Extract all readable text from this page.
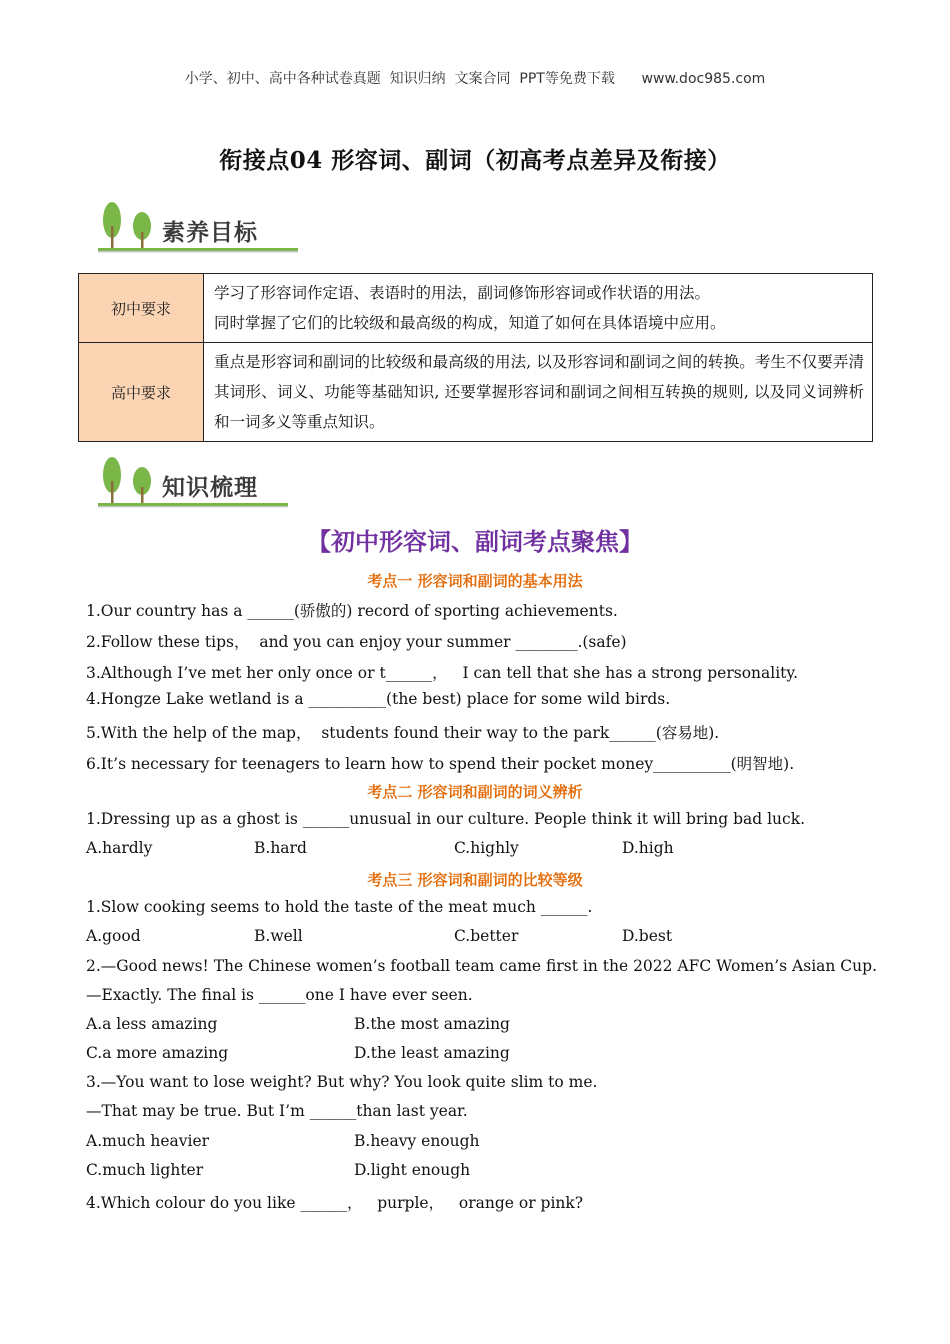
小学、初中、高中各种试卷真题  知识归纳  文案合同  PPT等免费下载      www.doc985.com
衔接点04 形容词、副词（初高考点差异及衔接）
素养目标
初中要求	学习了形容词作定语、表语时的用法，副词修饰形容词或作状语的用法。
同时掌握了它们的比较级和最高级的构成，知道了如何在具体语境中应用。

高中要求	重点是形容词和副词的比较级和最高级的用法, 以及形容词和副词之间的转换。考生不仅要弄清其词形、词义、功能等基础知识, 还要掌握形容词和副词之间相互转换的规则, 以及同义词辨析和一词多义等重点知识。
知识梳理
【初中形容词、副词考点聚焦】
考点一 形容词和副词的基本用法
1.Our country has a ______(骄傲的) record of sporting achievements.
2.Follow these tips，  and you can enjoy your summer ________.(safe)
3.Although I’ve met her only once or t______，   I can tell that she has a strong personality.
4.Hongze Lake wetland is a __________(the best) place for some wild birds.
5.With the help of the map，  students found their way to the park______(容易地).
6.It’s necessary for teenagers to learn how to spend their pocket money__________(明智地).
考点二 形容词和副词的词义辨析
1.Dressing up as a ghost is ______unusual in our culture. People think it will bring bad luck.
A.hardly	B.hard	C.highly	D.high
考点三 形容词和副词的比较等级
1.Slow cooking seems to hold the taste of the meat much ______.
A.good	B.well	C.better	D.best
2.—Good news! The Chinese women’s football team came first in the 2022 AFC Women’s Asian Cup.
—Exactly. The final is ______one I have ever seen.
A.a less amazing	B.the most amazing
C.a more amazing	D.the least amazing
3.—You want to lose weight? But why? You look quite slim to me.
—That may be true. But I’m ______than last year.
A.much heavier	B.heavy enough
C.much lighter	D.light enough
4.Which colour do you like ______，   purple，   orange or pink?
